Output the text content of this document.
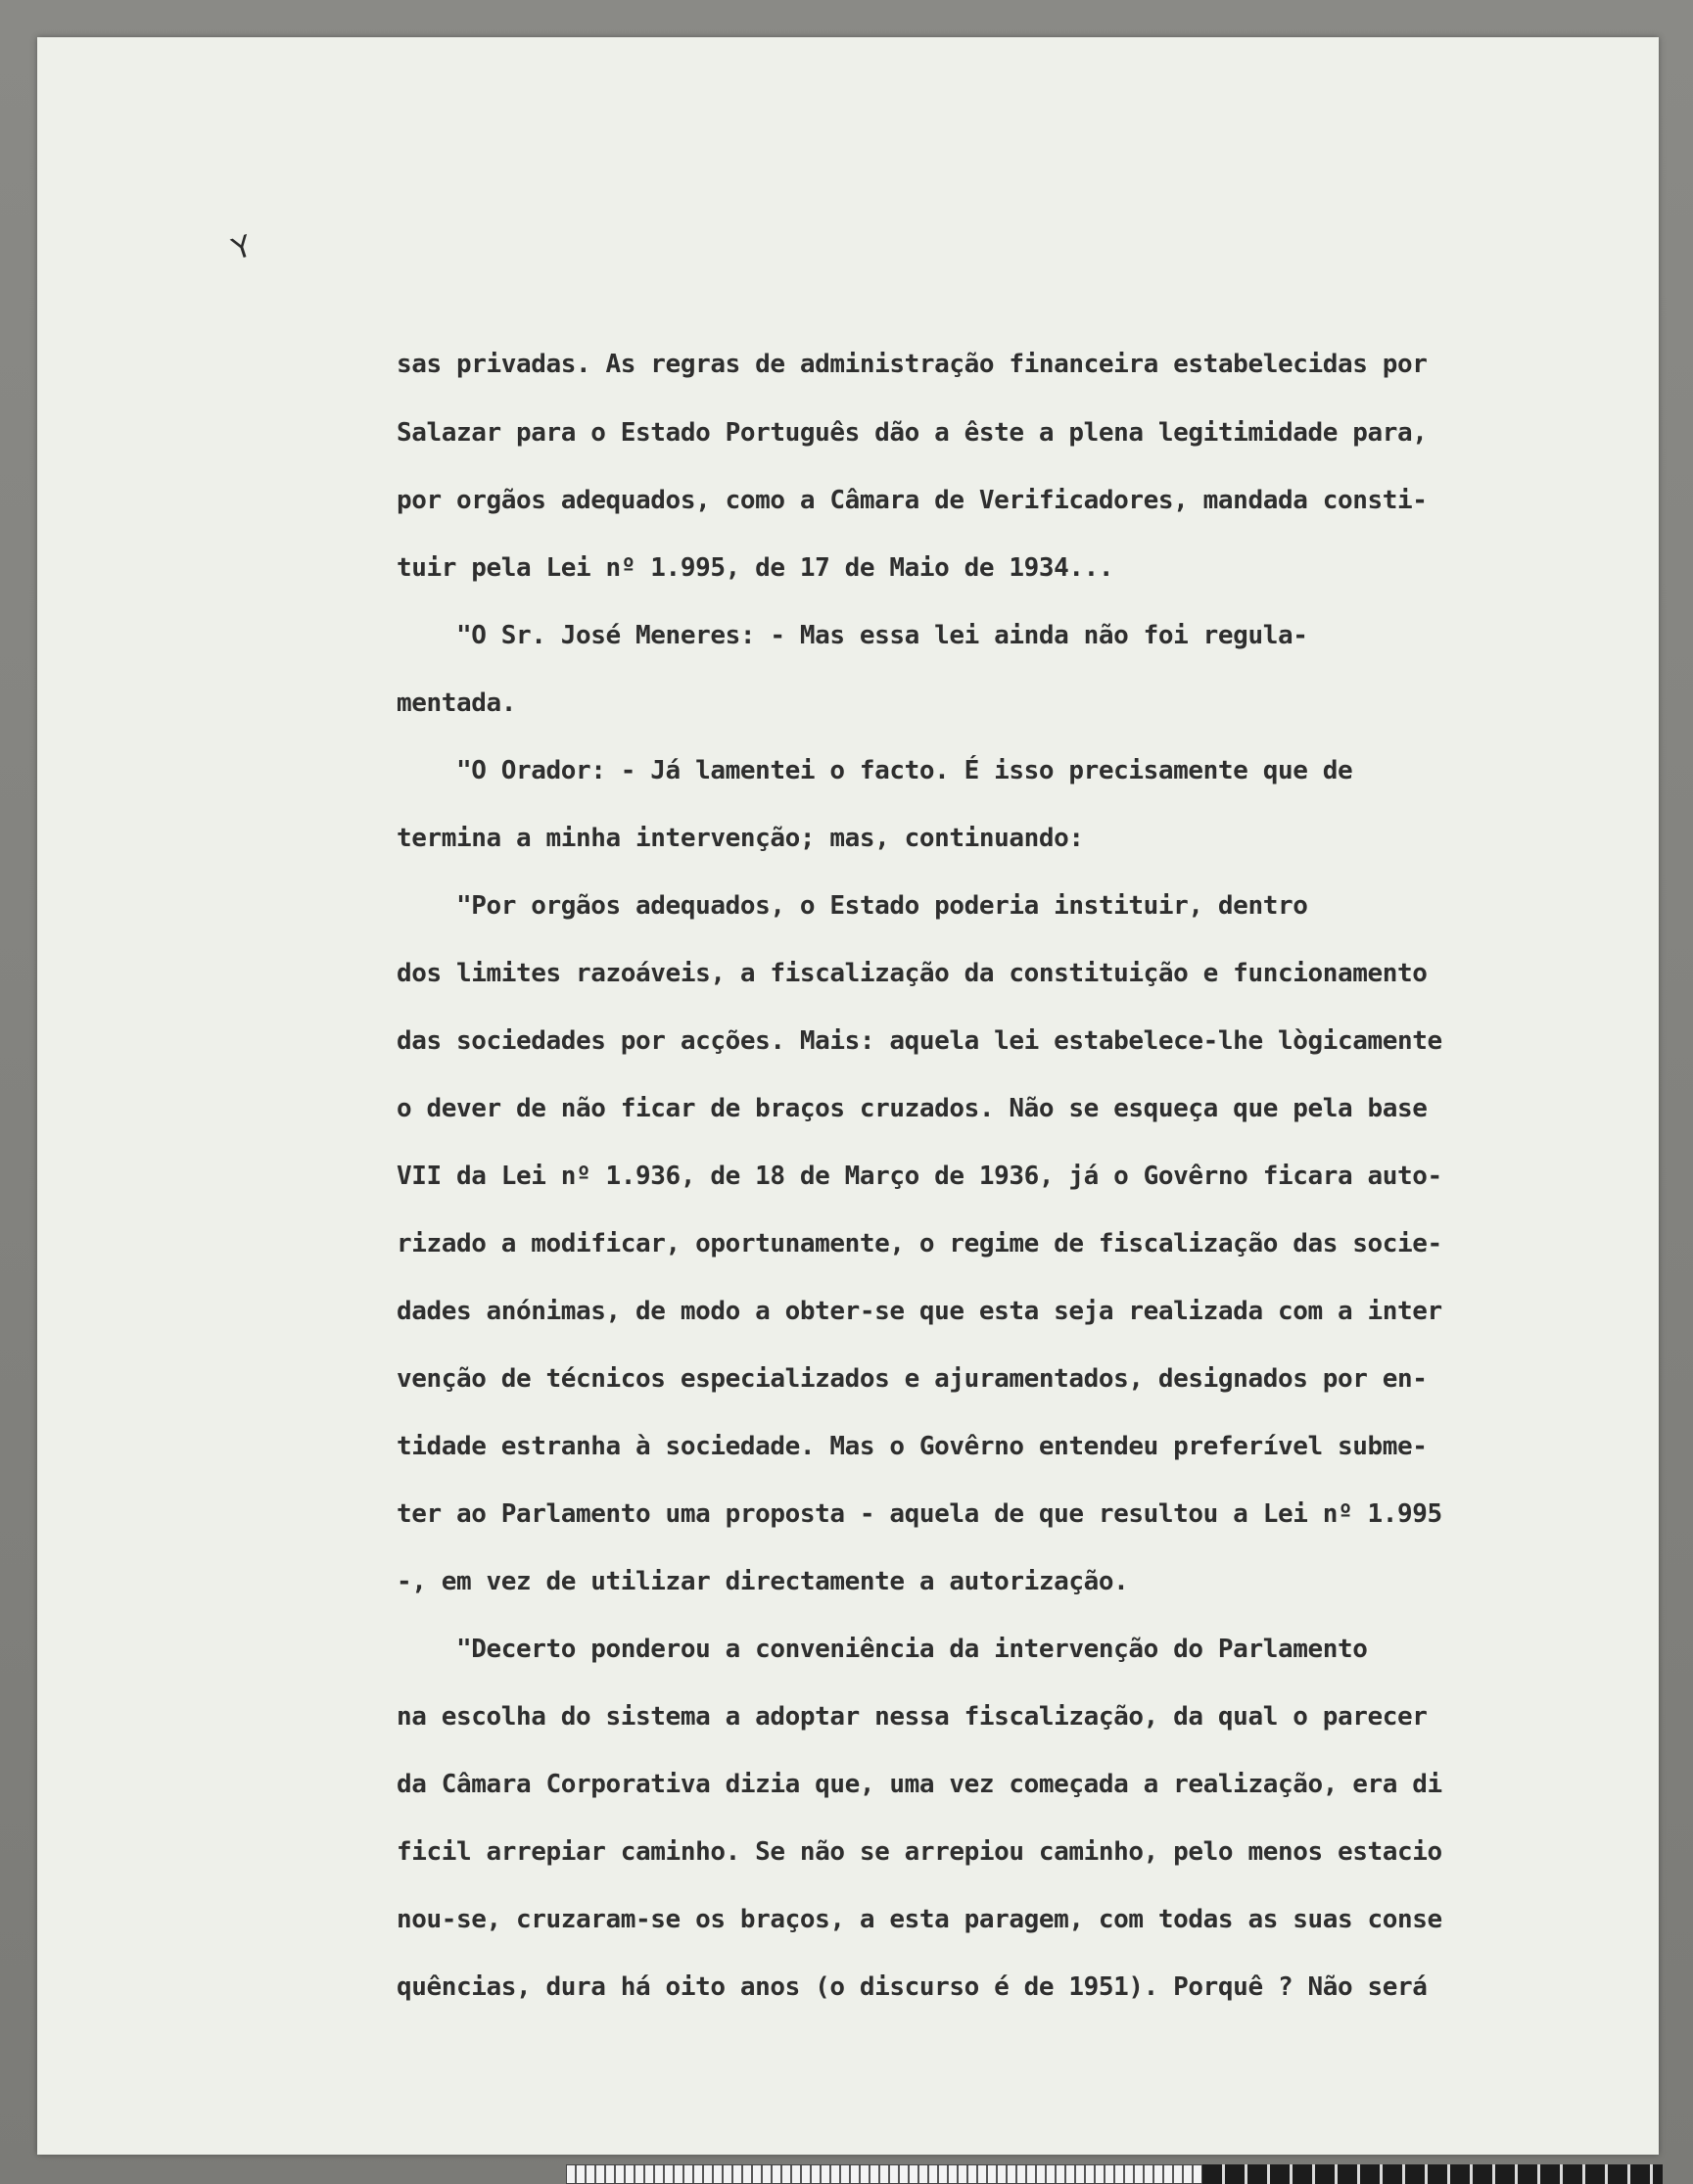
Y
sas privadas. As regras de administração financeira estabelecidas por
Salazar para o Estado Português dão a êste a plena legitimidade para,
por orgãos adequados, como a Câmara de Verificadores, mandada consti-
tuir pela Lei nº 1.995, de 17 de Maio de 1934...
"O Sr. José Meneres: - Mas essa lei ainda não foi regula-
mentada.
"O Orador: - Já lamentei o facto. É isso precisamente que de
termina a minha intervenção; mas, continuando:
"Por orgãos adequados, o Estado poderia instituir, dentro
dos limites razoáveis, a fiscalização da constituição e funcionamento
das sociedades por acções. Mais: aquela lei estabelece-lhe lògicamente
o dever de não ficar de braços cruzados. Não se esqueça que pela base
VII da Lei nº 1.936, de 18 de Março de 1936, já o Govêrno ficara auto-
rizado a modificar, oportunamente, o regime de fiscalização das socie-
dades anónimas, de modo a obter-se que esta seja realizada com a inter
venção de técnicos especializados e ajuramentados, designados por en-
tidade estranha à sociedade. Mas o Govêrno entendeu preferível subme-
ter ao Parlamento uma proposta - aquela de que resultou a Lei nº 1.995
-, em vez de utilizar directamente a autorização.
"Decerto ponderou a conveniência da intervenção do Parlamento
na escolha do sistema a adoptar nessa fiscalização, da qual o parecer
da Câmara Corporativa dizia que, uma vez começada a realização, era di
ficil arrepiar caminho. Se não se arrepiou caminho, pelo menos estacio
nou-se, cruzaram-se os braços, a esta paragem, com todas as suas conse
quências, dura há oito anos (o discurso é de 1951). Porquê ? Não será
